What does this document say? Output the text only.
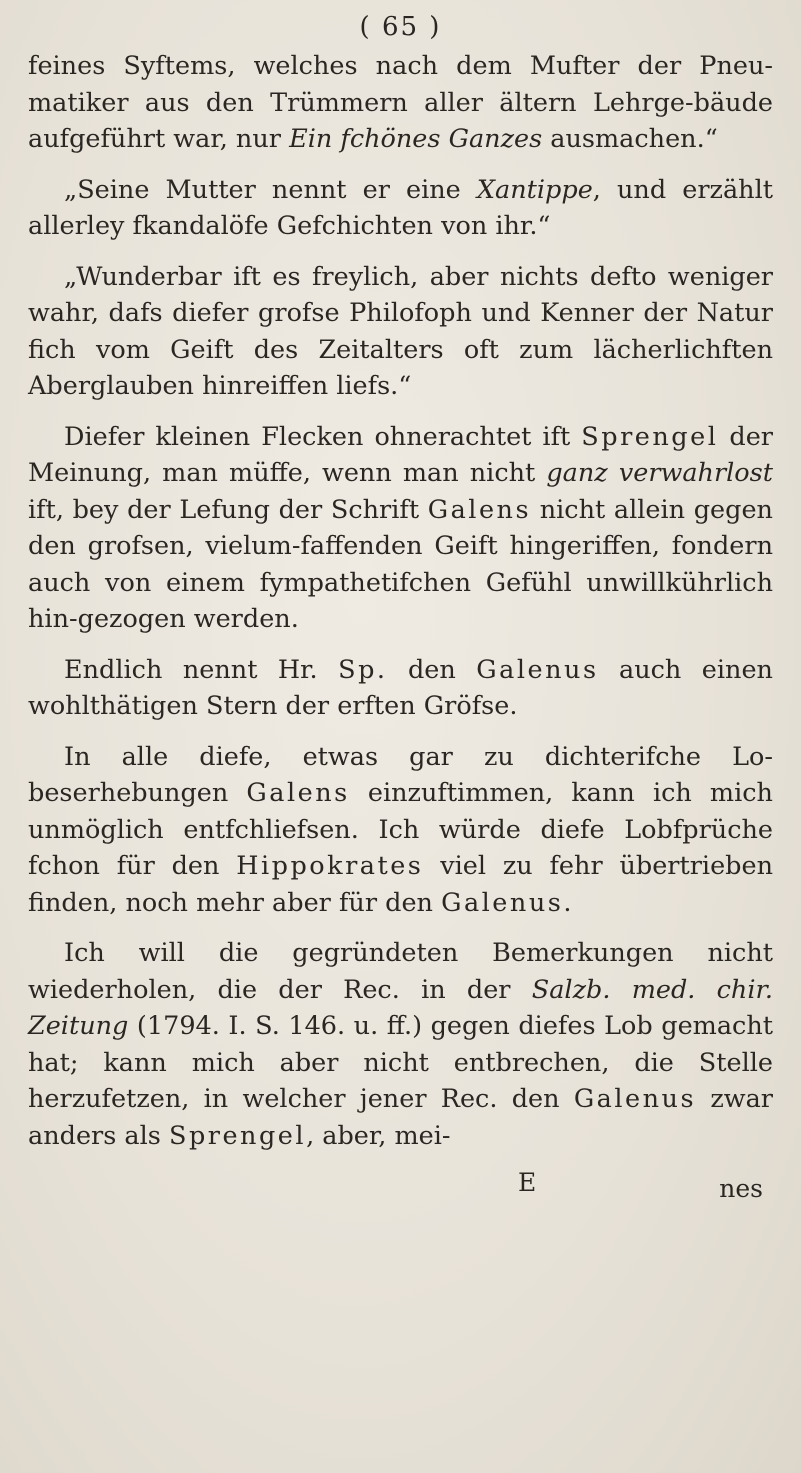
( 65 )

feines Syftems, welches nach dem Mufter der Pneu-matiker aus den Trümmern aller ältern Lehrge-bäude aufgeführt war, nur Ein fchönes Ganzes ausmachen.“

„Seine Mutter nennt er eine Xantippe, und erzählt allerley fkandalöfe Gefchichten von ihr.“

„Wunderbar ift es freylich, aber nichts defto weniger wahr, dafs diefer grofse Philofoph und Kenner der Natur fich vom Geift des Zeitalters oft zum lächerlichften Aberglauben hinreiffen liefs.“

Diefer kleinen Flecken ohnerachtet ift Sprengel der Meinung, man müffe, wenn man nicht ganz verwahrlost ift, bey der Lefung der Schrift Galens nicht allein gegen den grofsen, vielum-faffenden Geift hingeriffen, fondern auch von einem fympathetifchen Gefühl unwillkührlich hin-gezogen werden.

Endlich nennt Hr. Sp. den Galenus auch einen wohlthätigen Stern der erften Gröfse.

In alle diefe, etwas gar zu dichterifche Lo-beserhebungen Galens einzuftimmen, kann ich mich unmöglich entfchliefsen. Ich würde diefe Lobfprüche fchon für den Hippokrates viel zu fehr übertrieben finden, noch mehr aber für den Galenus.

Ich will die gegründeten Bemerkungen nicht wiederholen, die der Rec. in der Salzb. med. chir. Zeitung (1794. I. S. 146. u. ff.) gegen diefes Lob gemacht hat; kann mich aber nicht entbrechen, die Stelle herzufetzen, in welcher jener Rec. den Galenus zwar anders als Sprengel, aber, mei-

E	nes
